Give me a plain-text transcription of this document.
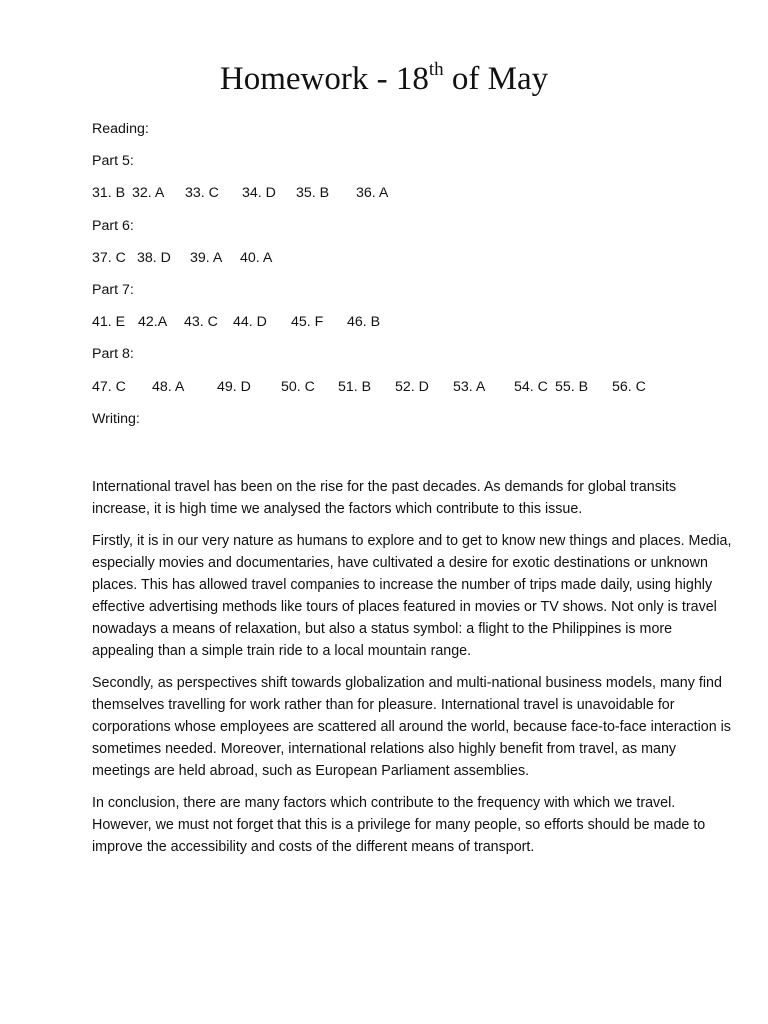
Homework - 18th of May
Reading:
Part 5:
31. B 32. A	33. C	34. D	35. B	36. A
Part 6:
37. C 38. D	39. A	40. A
Part 7:
41. E 42.A	43. C	44. D	45. F	46. B
Part 8:
47. C	48. A	49. D	50. C	51. B	52. D	53. A	54. C 55. B	56. C
Writing:

International travel has been on the rise for the past decades. As demands for global transits increase, it is high time we analysed the factors which contribute to this issue.

Firstly, it is in our very nature as humans to explore and to get to know new things and places. Media, especially movies and documentaries, have cultivated a desire for exotic destinations or unknown places. This has allowed travel companies to increase the number of trips made daily, using highly effective advertising methods like tours of places featured in movies or TV shows. Not only is travel nowadays a means of relaxation, but also a status symbol: a flight to the Philippines is more appealing than a simple train ride to a local mountain range.

Secondly, as perspectives shift towards globalization and multi-national business models, many find themselves travelling for work rather than for pleasure. International travel is unavoidable for corporations whose employees are scattered all around the world, because face-to-face interaction is sometimes needed. Moreover, international relations also highly benefit from travel, as many meetings are held abroad, such as European Parliament assemblies.

In conclusion, there are many factors which contribute to the frequency with which we travel. However, we must not forget that this is a privilege for many people, so efforts should be made to improve the accessibility and costs of the different means of transport.
